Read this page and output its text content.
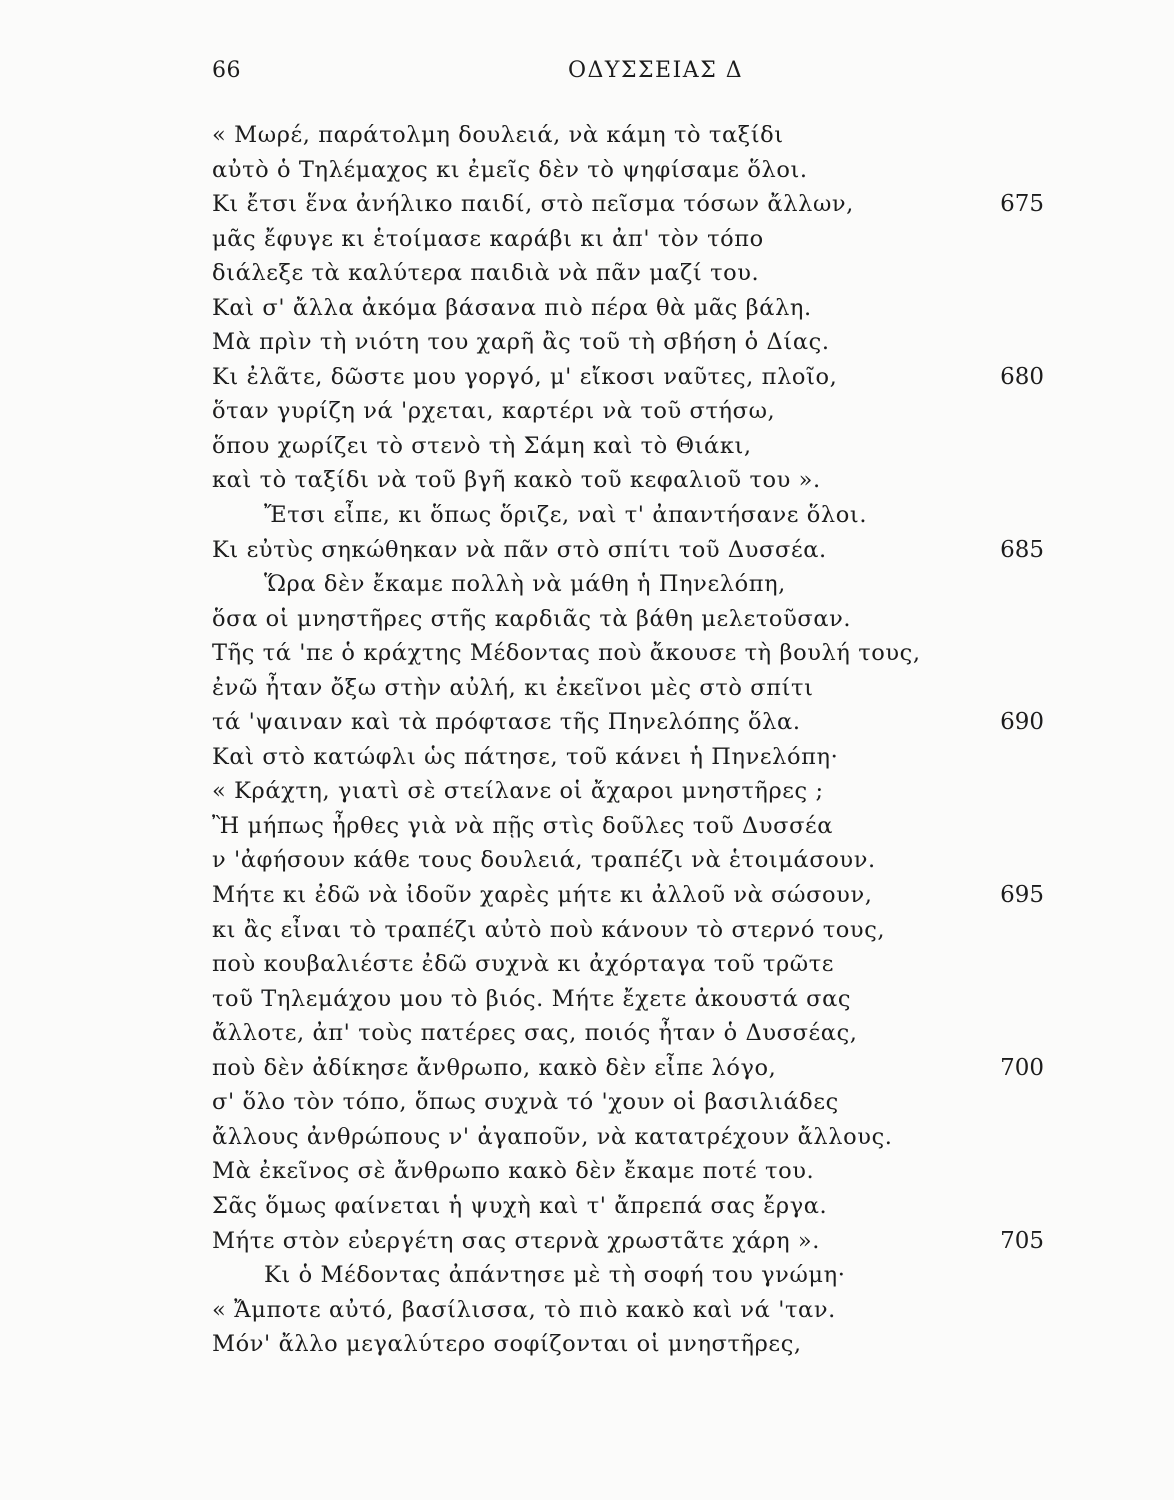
66	ΟΔΥΣΣΕΙΑΣ Δ
« Μωρέ, παράτολμη δουλειά, νὰ κάμη τὸ ταξίδι
αὐτὸ ὁ Τηλέμαχος κι ἐμεῖς δὲν τὸ ψηφίσαμε ὅλοι.
Κι ἔτσι ἕνα ἀνήλικο παιδί, στὸ πεῖσμα τόσων ἄλλων,	675
μᾶς ἔφυγε κι ἑτοίμασε καράβι κι ἀπ' τὸν τόπο
διάλεξε τὰ καλύτερα παιδιὰ νὰ πᾶν μαζί του.
Καὶ σ' ἄλλα ἀκόμα βάσανα πιὸ πέρα θὰ μᾶς βάλη.
Μὰ πρὶν τὴ νιότη του χαρῆ ἂς τοῦ τὴ σβήση ὁ Δίας.
Κι ἐλᾶτε, δῶστε μου γοργό, μ' εἴκοσι ναῦτες, πλοῖο,	680
ὅταν γυρίζη νά 'ρχεται, καρτέρι νὰ τοῦ στήσω,
ὅπου χωρίζει τὸ στενὸ τὴ Σάμη καὶ τὸ Θιάκι,
καὶ τὸ ταξίδι νὰ τοῦ βγῆ κακὸ τοῦ κεφαλιοῦ του ».
Ἔτσι εἶπε, κι ὅπως ὅριζε, ναὶ τ' ἀπαντήσανε ὅλοι.
Κι εὐτὺς σηκώθηκαν νὰ πᾶν στὸ σπίτι τοῦ Δυσσέα.	685
Ὥρα δὲν ἔκαμε πολλὴ νὰ μάθη ἡ Πηνελόπη,
ὅσα οἱ μνηστῆρες στῆς καρδιᾶς τὰ βάθη μελετοῦσαν.
Τῆς τά 'πε ὁ κράχτης Μέδοντας ποὺ ἄκουσε τὴ βουλή τους,
ἐνῶ ἦταν ὄξω στὴν αὐλή, κι ἐκεῖνοι μὲς στὸ σπίτι
τά 'ψαιναν καὶ τὰ πρόφτασε τῆς Πηνελόπης ὅλα.	690
Καὶ στὸ κατώφλι ὡς πάτησε, τοῦ κάνει ἡ Πηνελόπη·
« Κράχτη, γιατὶ σὲ στείλανε οἱ ἄχαροι μνηστῆρες ;
Ἢ μήπως ἦρθες γιὰ νὰ πῇς στὶς δοῦλες τοῦ Δυσσέα
ν 'ἀφήσουν κάθε τους δουλειά, τραπέζι νὰ ἑτοιμάσουν.
Μήτε κι ἐδῶ νὰ ἰδοῦν χαρὲς μήτε κι ἀλλοῦ νὰ σώσουν,	695
κι ἂς εἶναι τὸ τραπέζι αὐτὸ ποὺ κάνουν τὸ στερνό τους,
ποὺ κουβαλιέστε ἐδῶ συχνὰ κι ἀχόρταγα τοῦ τρῶτε
τοῦ Τηλεμάχου μου τὸ βιός. Μήτε ἔχετε ἀκουστά σας
ἄλλοτε, ἀπ' τοὺς πατέρες σας, ποιός ἦταν ὁ Δυσσέας,
ποὺ δὲν ἀδίκησε ἄνθρωπο, κακὸ δὲν εἶπε λόγο,	700
σ' ὅλο τὸν τόπο, ὅπως συχνὰ τό 'χουν οἱ βασιλιάδες
ἄλλους ἀνθρώπους ν' ἀγαποῦν, νὰ κατατρέχουν ἄλλους.
Μὰ ἐκεῖνος σὲ ἄνθρωπο κακὸ δὲν ἔκαμε ποτέ του.
Σᾶς ὅμως φαίνεται ἡ ψυχὴ καὶ τ' ἄπρεπά σας ἔργα.
Μήτε στὸν εὐεργέτη σας στερνὰ χρωστᾶτε χάρη ».	705
Κι ὁ Μέδοντας ἀπάντησε μὲ τὴ σοφή του γνώμη·
« Ἄμποτε αὐτό, βασίλισσα, τὸ πιὸ κακὸ καὶ νά 'ταν.
Μόν' ἄλλο μεγαλύτερο σοφίζονται οἱ μνηστῆρες,
